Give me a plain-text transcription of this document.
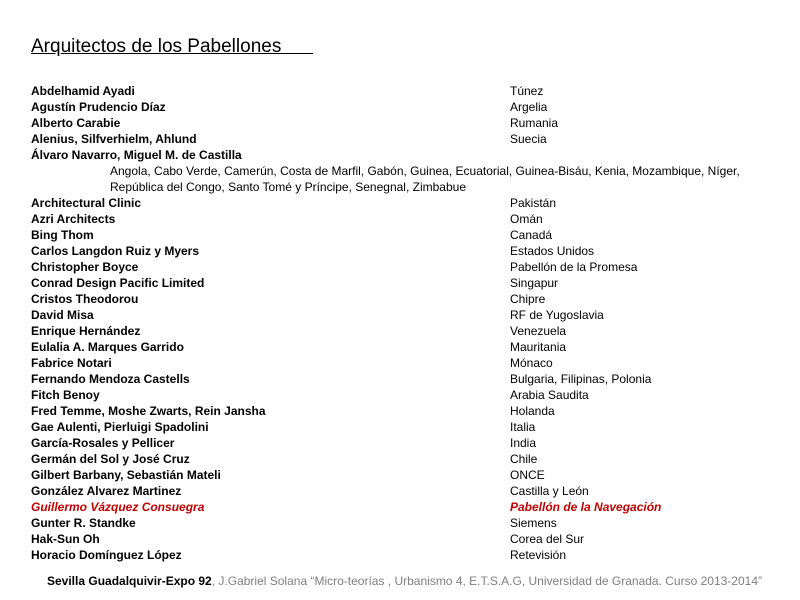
Arquitectos de los Pabellones
Abdelhamid Ayadi	Túnez
Agustín Prudencio Díaz	Argelia
Alberto Carabie	Rumania
Alenius, Silfverhielm, Ahlund	Suecia
Álvaro Navarro, Miguel M. de Castilla
Angola, Cabo Verde, Camerún, Costa de Marfil, Gabón, Guinea, Ecuatorial, Guinea-Bisáu, Kenia, Mozambique, Níger, República del Congo, Santo Tomé y Príncipe, Senegnal, Zimbabue
Architectural Clinic	Pakistán
Azri Architects	Omán
Bing Thom	Canadá
Carlos Langdon Ruiz y Myers	Estados Unidos
Christopher Boyce	Pabellón de la Promesa
Conrad Design Pacific Limited	Singapur
Cristos Theodorou	Chipre
David Misa	RF de Yugoslavia
Enrique Hernández	Venezuela
Eulalia A. Marques Garrido	Mauritania
Fabrice Notari	Mónaco
Fernando Mendoza Castells	Bulgaria, Filipinas, Polonia
Fitch Benoy	Arabia Saudita
Fred Temme, Moshe Zwarts, Rein Jansha	Holanda
Gae Aulenti, Pierluigi Spadolini	Italia
García-Rosales y Pellicer	India
Germán del Sol y José Cruz	Chile
Gilbert Barbany, Sebastián Mateli	ONCE
González Alvarez Martinez	Castilla y León
Guillermo Vázquez Consuegra	Pabellón de la Navegación
Gunter R. Standke	Siemens
Hak-Sun Oh	Corea del Sur
Horacio Domínguez López	Retevisión
Sevilla Guadalquivir-Expo 92, J.Gabriel Solana “Micro-teorías , Urbanismo 4, E.T.S.A.G, Universidad de Granada. Curso 2013-2014”
